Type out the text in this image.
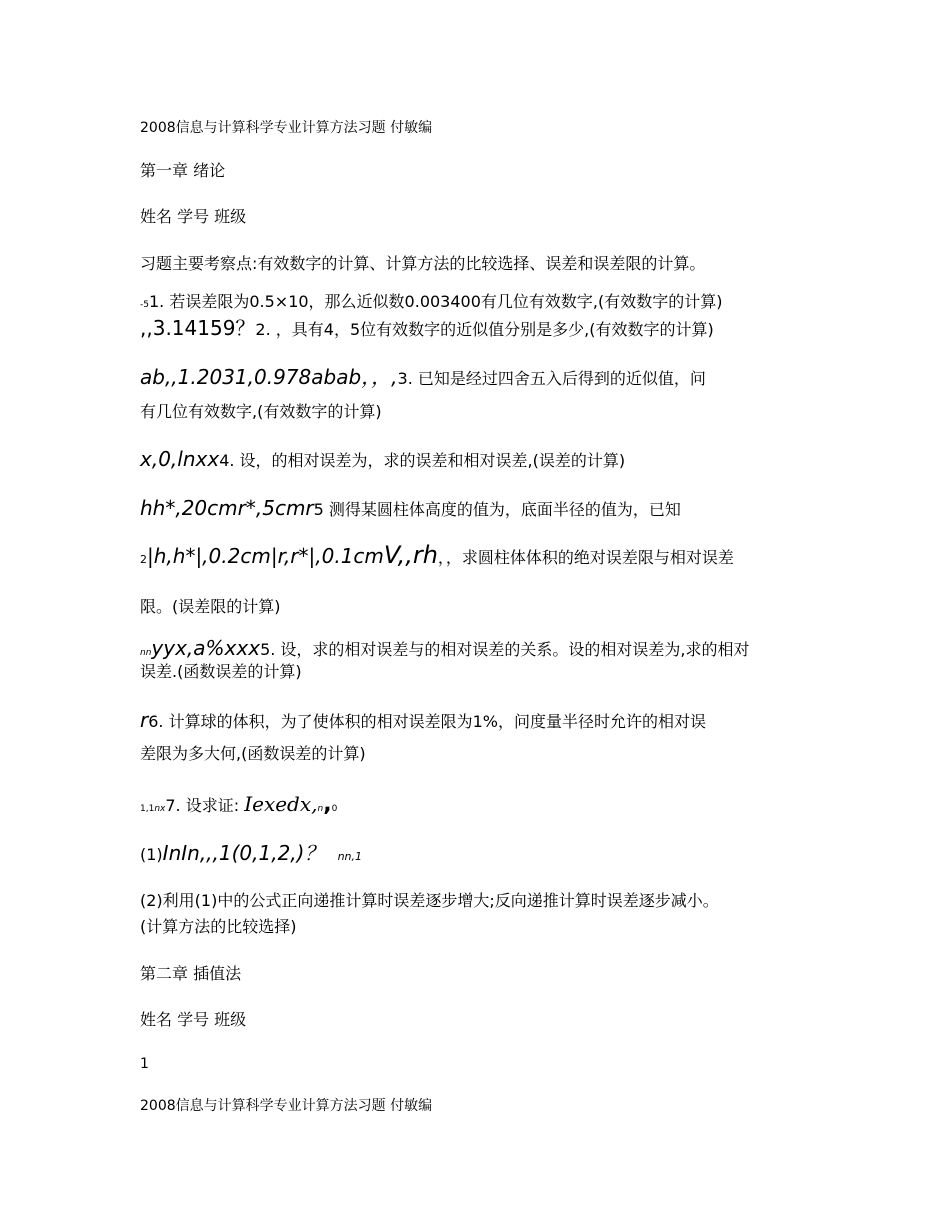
2008信息与计算科学专业计算方法习题 付敏编
第一章 绪论
姓名 学号 班级
习题主要考察点:有效数字的计算、计算方法的比较选择、误差和误差限的计算。
-51. 若误差限为0.5×10，那么近似数0.003400有几位有效数字,(有效数字的计算)
,,3.14159？2. ，具有4，5位有效数字的近似值分别是多少,(有效数字的计算)
ab,,1.2031,0.978abab，，,3. 已知是经过四舍五入后得到的近似值，问
有几位有效数字,(有效数字的计算)
x,0,lnxx4. 设，的相对误差为，求的误差和相对误差,(误差的计算)
hh*,20cmr*,5cmr5 测得某圆柱体高度的值为，底面半径的值为，已知
2|h,h*|,0.2cm|r,r*|,0.1cmV,,rh，，求圆柱体体积的绝对误差限与相对误差
限。(误差限的计算)
nnyyx,a%xxx5. 设，求的相对误差与的相对误差的关系。设的相对误差为,求的相对
误差.(函数误差的计算)
r6. 计算球的体积，为了使体积的相对误差限为1%，问度量半径时允许的相对误
差限为多大何,(函数误差的计算)
1,1nx7. 设求证: Iexedx,n,0
(1)InIn,,,1(0,1,2,)？ nn,1
(2)利用(1)中的公式正向递推计算时误差逐步增大;反向递推计算时误差逐步减小。
(计算方法的比较选择)
第二章 插值法
姓名 学号 班级
1
2008信息与计算科学专业计算方法习题 付敏编
